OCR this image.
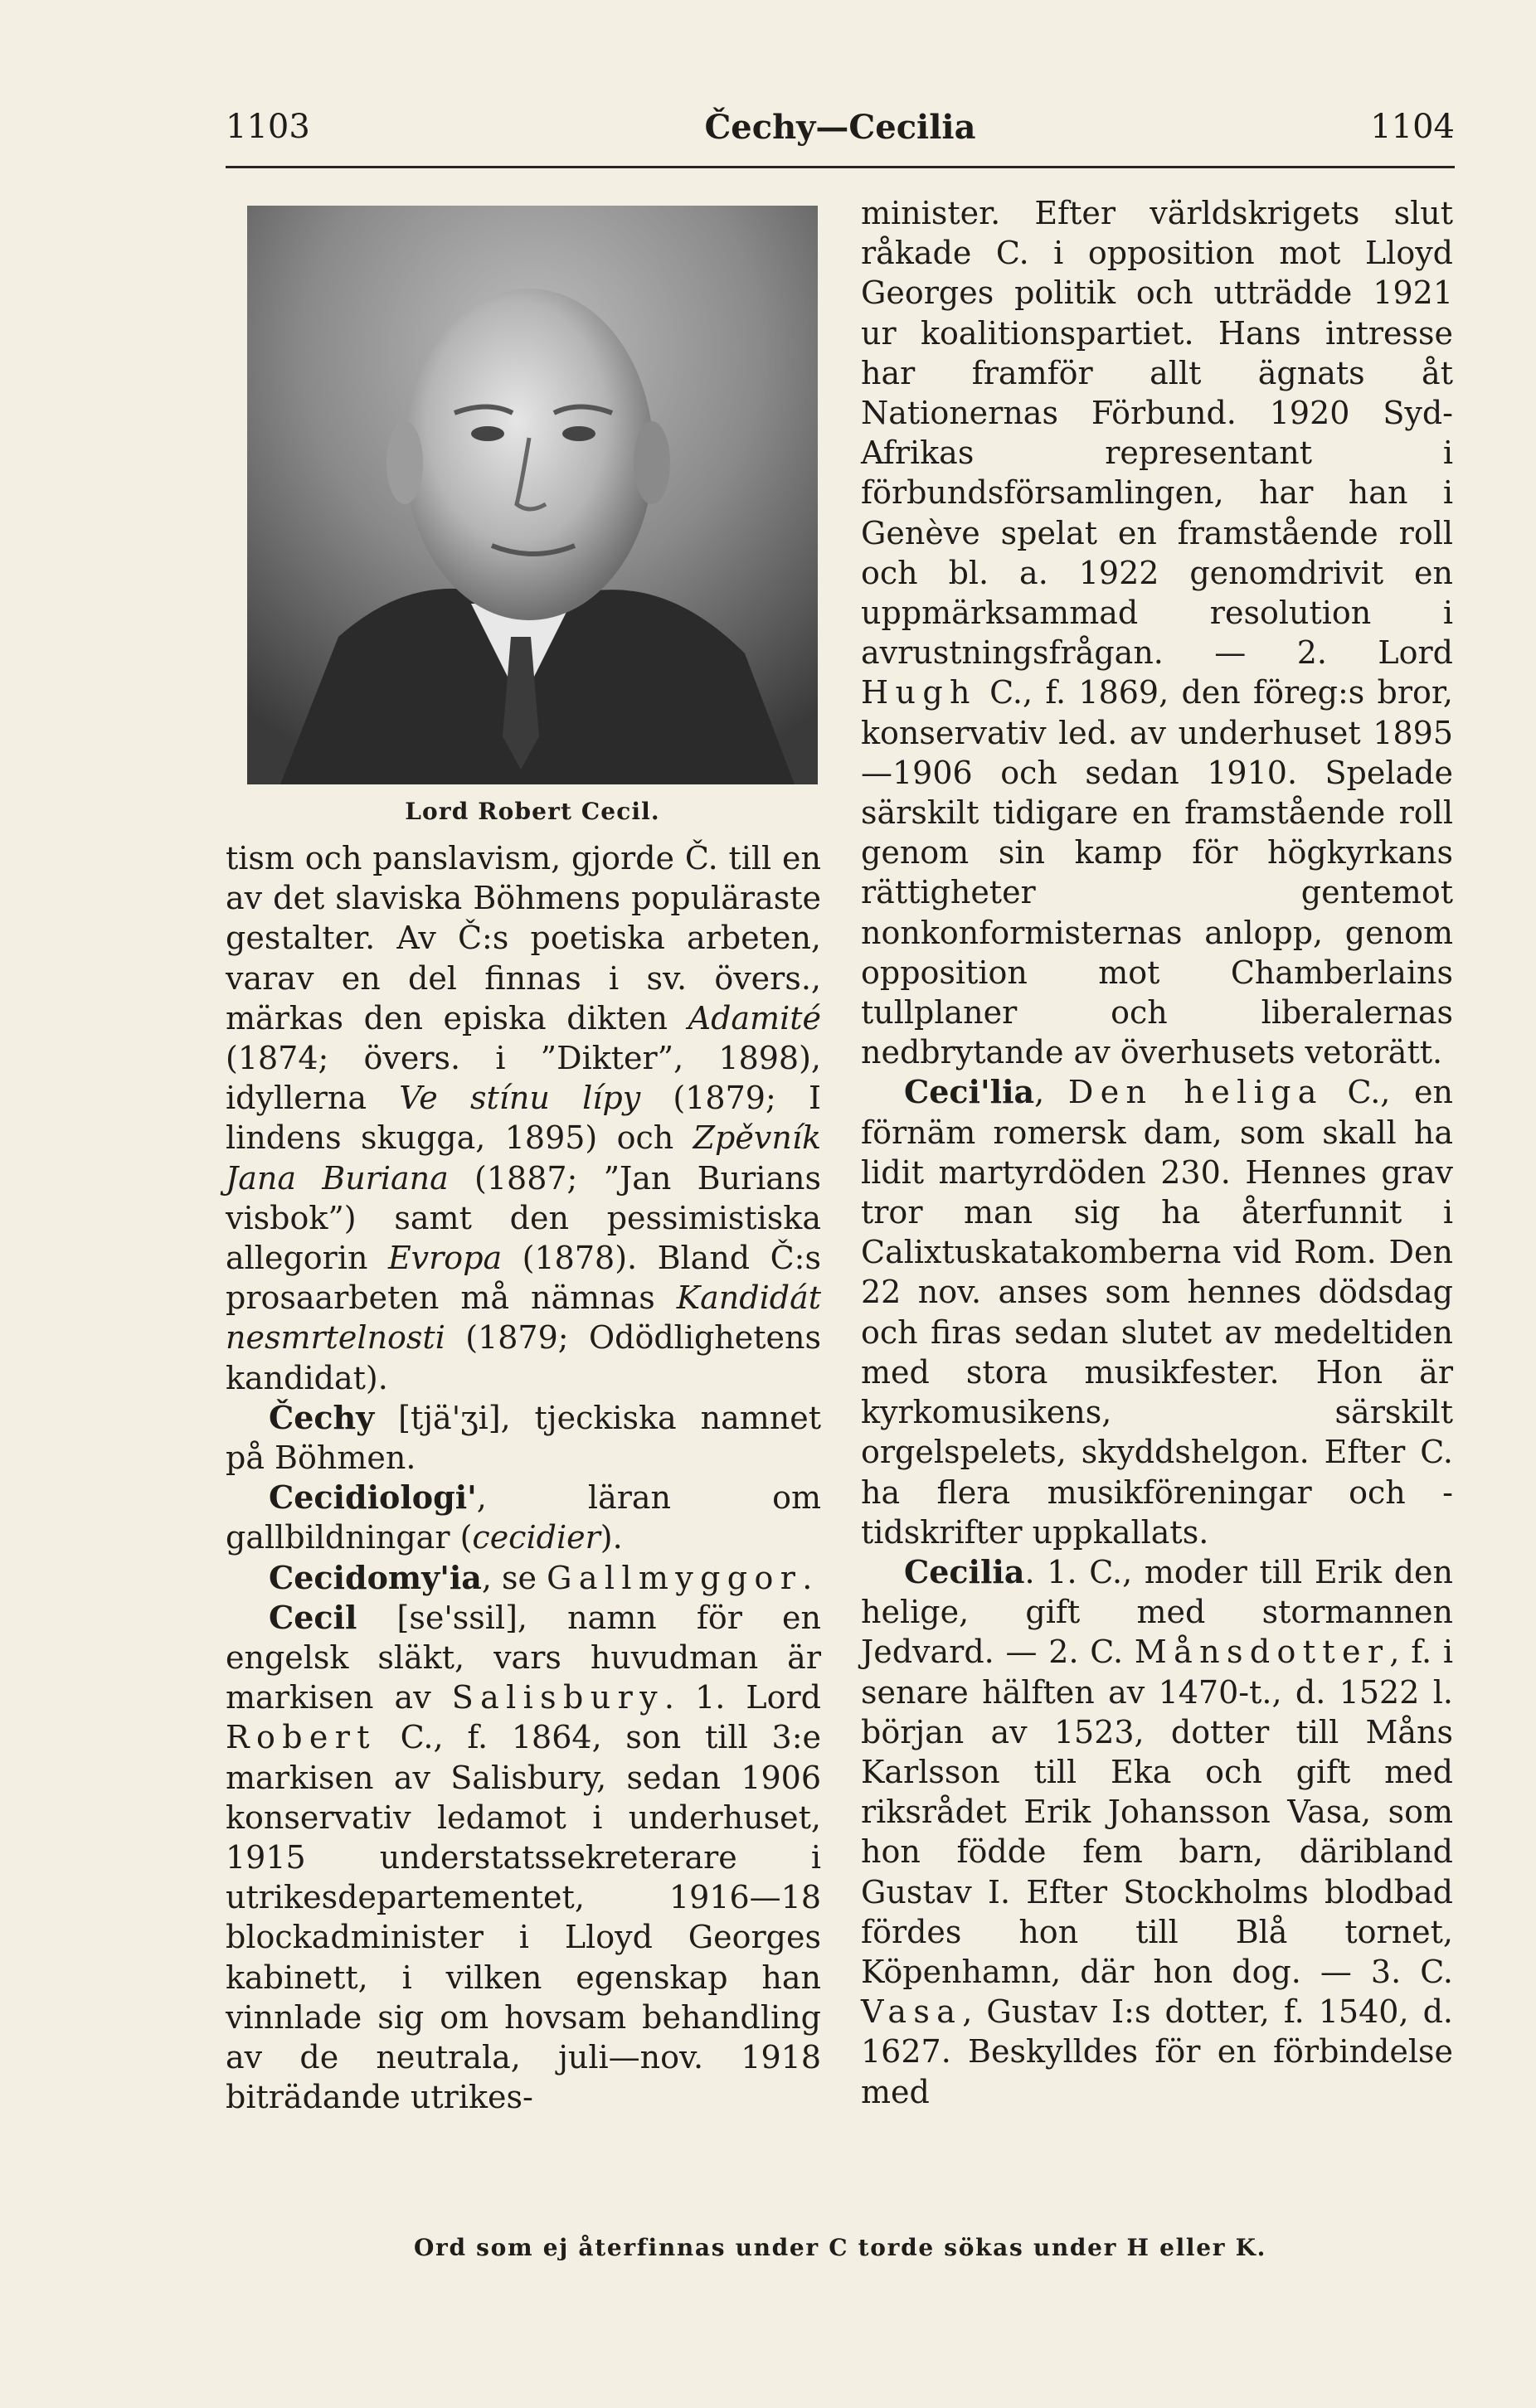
1103	Čechy—Cecilia	1104
Lord Robert Cecil.

tism och panslavism, gjorde Č. till en av det slaviska Böhmens populäraste gestalter. Av Č:s poetiska arbeten, varav en del finnas i sv. övers., märkas den episka dikten Adamité (1874; övers. i ”Dikter”, 1898), idyllerna Ve stínu lípy (1879; I lindens skugga, 1895) och Zpěvník Jana Buriana (1887; ”Jan Burians visbok”) samt den pessimistiska allegorin Evropa (1878). Bland Č:s prosaarbeten må nämnas Kandidát nesmrtelnosti (1879; Odödlighetens kandidat).

Čechy [tjä'ʒi], tjeckiska namnet på Böhmen.

Cecidiologi', läran om gallbildningar (cecidier).

Cecidomy'ia, se Gallmyggor.

Cecil [se'ssil], namn för en engelsk släkt, vars huvudman är markisen av Salisbury. 1. Lord Robert C., f. 1864, son till 3:e markisen av Salisbury, sedan 1906 konservativ ledamot i underhuset, 1915 understatssekreterare i utrikesdepartementet, 1916—18 blockadminister i Lloyd Georges kabinett, i vilken egenskap han vinnlade sig om hovsam behandling av de neutrala, juli—nov. 1918 biträdande utrikes-

minister. Efter världskrigets slut råkade C. i opposition mot Lloyd Georges politik och utträdde 1921 ur koalitionspartiet. Hans intresse har framför allt ägnats åt Nationernas Förbund. 1920 Syd-Afrikas representant i förbundsförsamlingen, har han i Genève spelat en framstående roll och bl. a. 1922 genomdrivit en uppmärksammad resolution i avrustningsfrågan. — 2. Lord Hugh C., f. 1869, den föreg:s bror, konservativ led. av underhuset 1895—1906 och sedan 1910. Spelade särskilt tidigare en framstående roll genom sin kamp för högkyrkans rättigheter gentemot nonkonformisternas anlopp, genom opposition mot Chamberlains tullplaner och liberalernas nedbrytande av överhusets vetorätt.

Ceci'lia, Den heliga C., en förnäm romersk dam, som skall ha lidit martyrdöden 230. Hennes grav tror man sig ha återfunnit i Calixtuskatakomberna vid Rom. Den 22 nov. anses som hennes dödsdag och firas sedan slutet av medeltiden med stora musikfester. Hon är kyrkomusikens, särskilt orgelspelets, skyddshelgon. Efter C. ha flera musikföreningar och -tidskrifter uppkallats.

Cecilia. 1. C., moder till Erik den helige, gift med stormannen Jedvard. — 2. C. Månsdotter, f. i senare hälften av 1470-t., d. 1522 l. början av 1523, dotter till Måns Karlsson till Eka och gift med riksrådet Erik Johansson Vasa, som hon födde fem barn, däribland Gustav I. Efter Stockholms blodbad fördes hon till Blå tornet, Köpenhamn, där hon dog. — 3. C. Vasa, Gustav I:s dotter, f. 1540, d. 1627. Beskylldes för en förbindelse med

Ord som ej återfinnas under C torde sökas under H eller K.
